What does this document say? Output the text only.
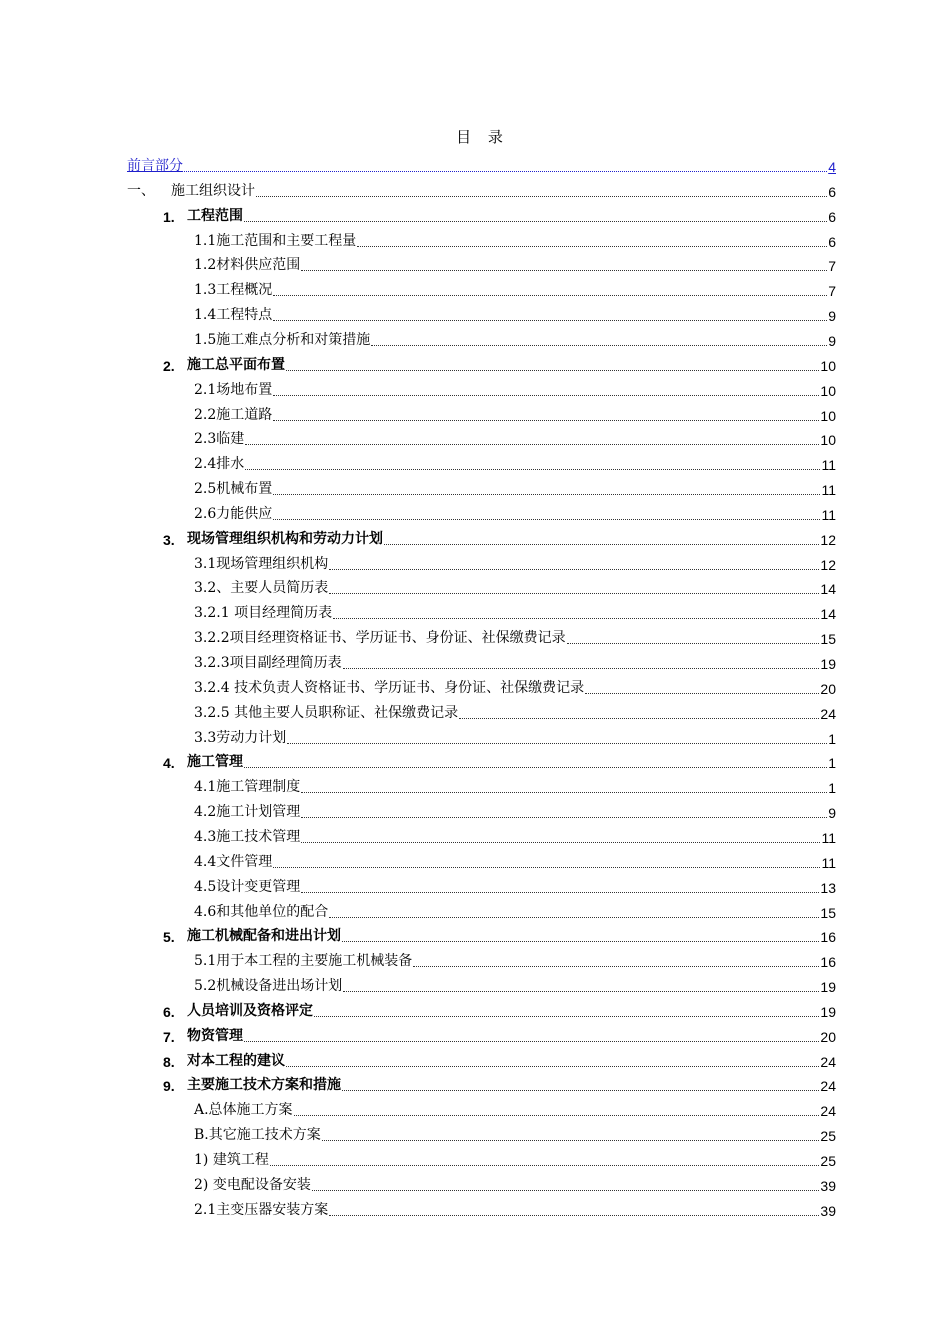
目 录
前言部分	4
一、	施工组织设计	6
1. 工程范围	6
1.1施工范围和主要工程量	6
1.2材料供应范围	7
1.3工程概况	7
1.4工程特点	9
1.5施工难点分析和对策措施	9
2. 施工总平面布置	10
2.1场地布置	10
2.2施工道路	10
2.3临建	10
2.4排水	11
2.5机械布置	11
2.6力能供应	11
3. 现场管理组织机构和劳动力计划	12
3.1现场管理组织机构	12
3.2、主要人员简历表	14
3.2.1 项目经理简历表	14
3.2.2项目经理资格证书、学历证书、身份证、社保缴费记录	15
3.2.3项目副经理简历表	19
3.2.4 技术负责人资格证书、学历证书、身份证、社保缴费记录	20
3.2.5 其他主要人员职称证、社保缴费记录	24
3.3劳动力计划	1
4. 施工管理	1
4.1施工管理制度	1
4.2施工计划管理	9
4.3施工技术管理	11
4.4文件管理	11
4.5设计变更管理	13
4.6和其他单位的配合	15
5. 施工机械配备和进出计划	16
5.1用于本工程的主要施工机械装备	16
5.2机械设备进出场计划	19
6. 人员培训及资格评定	19
7. 物资管理	20
8. 对本工程的建议	24
9. 主要施工技术方案和措施	24
A.总体施工方案	24
B.其它施工技术方案	25
1) 建筑工程	25
2) 变电配设备安装	39
2.1主变压器安装方案	39
